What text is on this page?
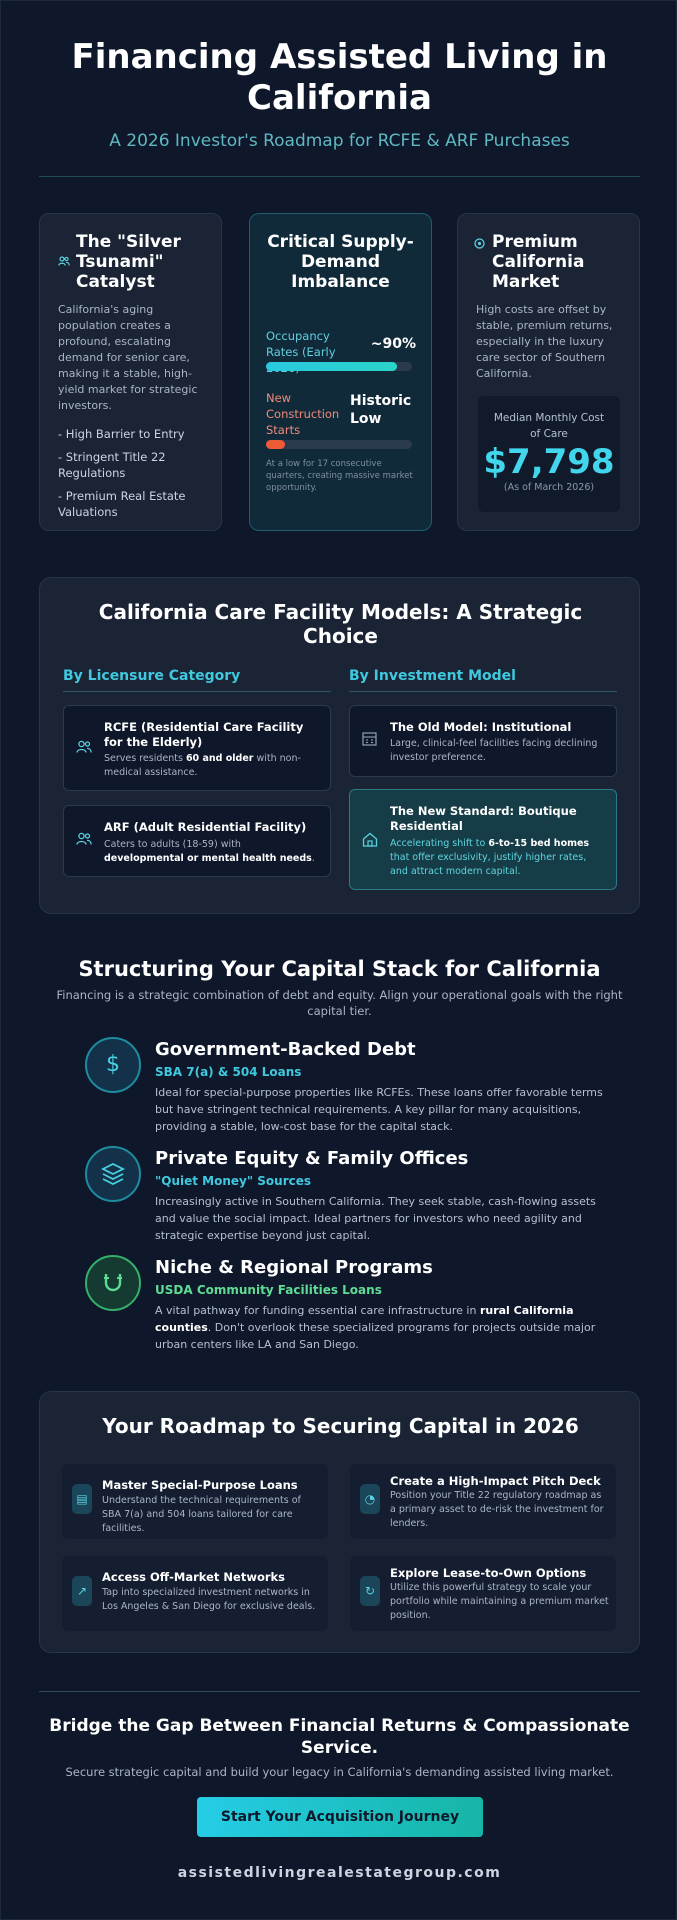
Financing Assisted Living in California
A 2026 Investor's Roadmap for RCFE & ARF Purchases
The "Silver Tsunami" Catalyst

California's aging population creates a profound, escalating demand for senior care, making it a stable, high-yield market for strategic investors.

- High Barrier to Entry
- Stringent Title 22 Regulations
- Premium Real Estate Valuations
Critical Supply-Demand Imbalance
Occupancy Rates (Early	~90%
New Construction Starts
Historic Low
At a low for 17 consecutive quarters, creating massive market opportunity.
Premium California Market

High costs are offset by stable, premium returns, especially in the luxury care sector of Southern California.

Median Monthly Cost of Care
$7,798
(As of March 2026)
California Care Facility Models: A Strategic Choice
By Licensure Category	By Investment Model
RCFE (Residential Care Facility for the Elderly)
Serves residents 60 and older with non-medical assistance.
ARF (Adult Residential Facility)
Caters to adults (18-59) with developmental or mental health needs.
The Old Model: Institutional
Large, clinical-feel facilities facing declining investor preference.
The New Standard: Boutique Residential
Accelerating shift to 6-to-15 bed homes that offer exclusivity, justify higher rates, and attract modern capital.
Structuring Your Capital Stack for California
Financing is a strategic combination of debt and equity. Align your operational goals with the right capital tier.
$
Government-Backed Debt
SBA 7(a) & 504 Loans
Ideal for special-purpose properties like RCFEs. These loans offer favorable terms but have stringent technical requirements. A key pillar for many acquisitions, providing a stable, low-cost base for the capital stack.
Private Equity & Family Offices
"Quiet Money" Sources
Increasingly active in Southern California. They seek stable, cash-flowing assets and value the social impact. Ideal partners for investors who need agility and strategic expertise beyond just capital.
Niche & Regional Programs
USDA Community Facilities Loans
A vital pathway for funding essential care infrastructure in rural California counties. Don't overlook these specialized programs for projects outside major urban centers like LA and San Diego.
Your Roadmap to Securing Capital in 2026
▤
Master Special-Purpose Loans
Understand the technical requirements of SBA 7(a) and 504 loans tailored for care facilities.
◔
Create a High-Impact Pitch Deck
Position your Title 22 regulatory roadmap as a primary asset to de-risk the investment for lenders.
↗
Access Off-Market Networks
Tap into specialized investment networks in Los Angeles & San Diego for exclusive deals.
↻
Explore Lease-to-Own Options
Utilize this powerful strategy to scale your portfolio while maintaining a premium market position.
Bridge the Gap Between Financial Returns & Compassionate Service.
Secure strategic capital and build your legacy in California's demanding assisted living market.
Start Your Acquisition Journey
assistedlivingrealestategroup.com
